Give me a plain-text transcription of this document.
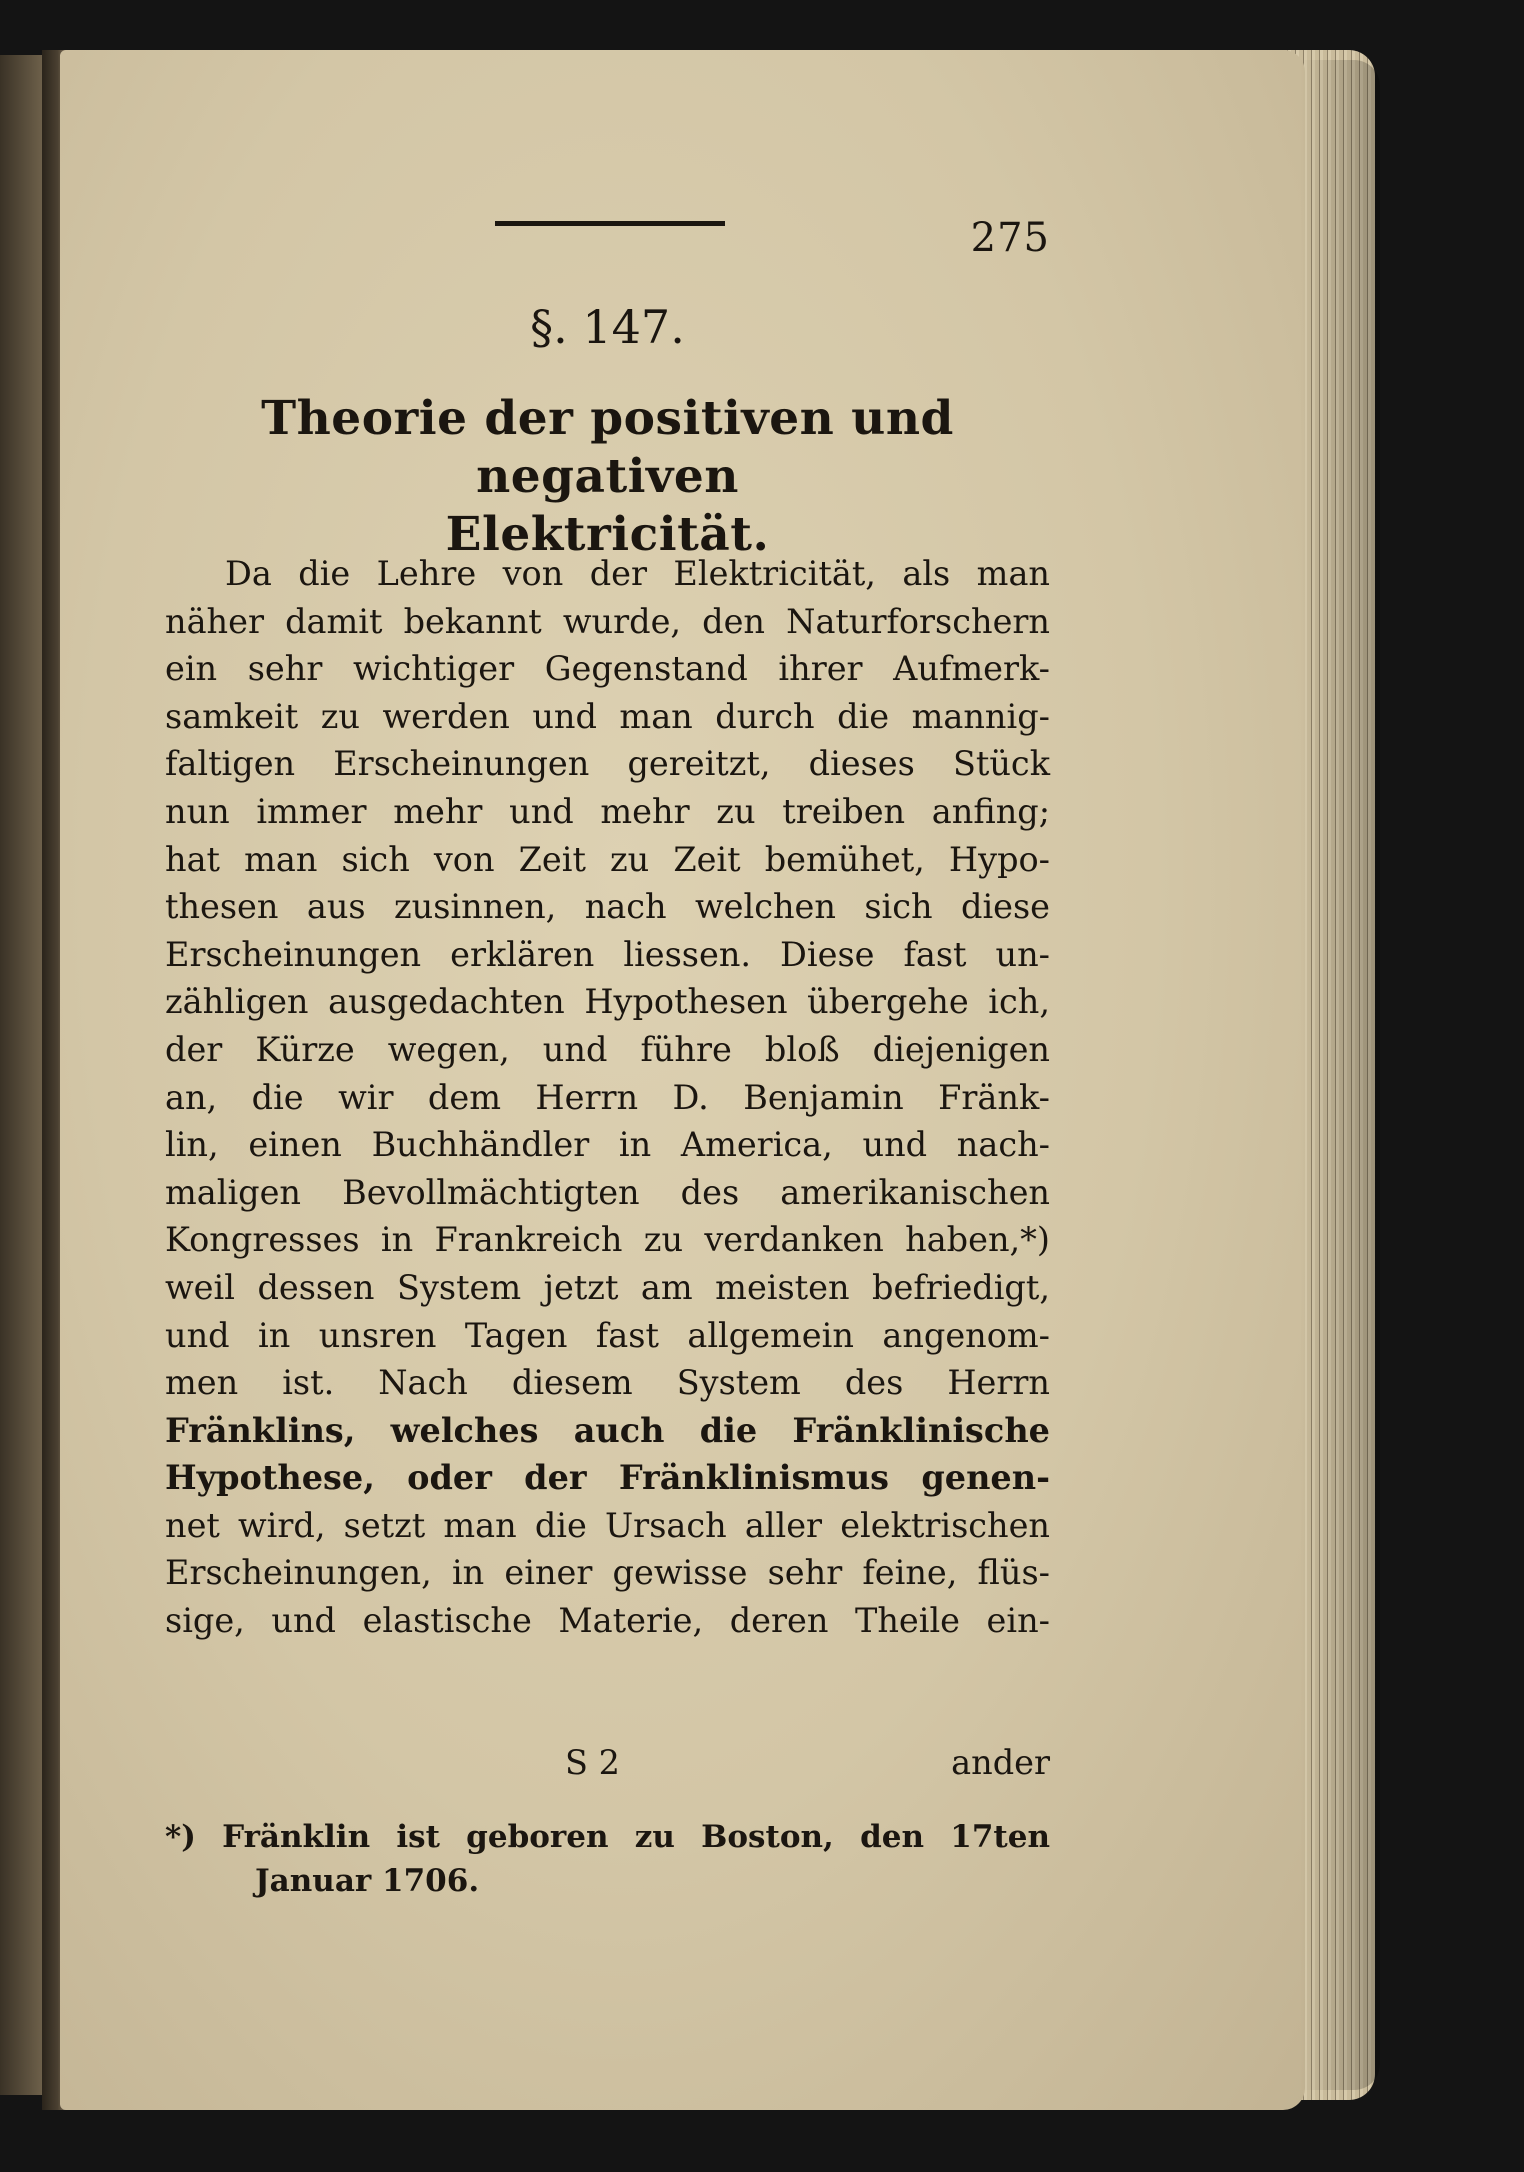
275
§. 147.
Theorie der positiven und negativen
Elektricität.
Da die Lehre von der Elektricität, als man
näher damit bekannt wurde, den Naturforschern
ein sehr wichtiger Gegenstand ihrer Aufmerk-
samkeit zu werden und man durch die mannig-
faltigen Erscheinungen gereitzt, dieses Stück
nun immer mehr und mehr zu treiben anfing;
hat man sich von Zeit zu Zeit bemühet, Hypo-
thesen aus zusinnen, nach welchen sich diese
Erscheinungen erklären liessen. Diese fast un-
zähligen ausgedachten Hypothesen übergehe ich,
der Kürze wegen, und führe bloß diejenigen
an, die wir dem Herrn D. Benjamin Fränk-
lin, einen Buchhändler in America, und nach-
maligen Bevollmächtigten des amerikanischen
Kongresses in Frankreich zu verdanken haben,*)
weil dessen System jetzt am meisten befriedigt,
und in unsren Tagen fast allgemein angenom-
men ist. Nach diesem System des Herrn
Fränklins, welches auch die Fränklinische
Hypothese, oder der Fränklinismus genen-
net wird, setzt man die Ursach aller elektrischen
Erscheinungen, in einer gewisse sehr feine, flüs-
sige, und elastische Materie, deren Theile ein-
S 2	ander
*) Fränklin ist geboren zu Boston, den 17ten
Januar 1706.
